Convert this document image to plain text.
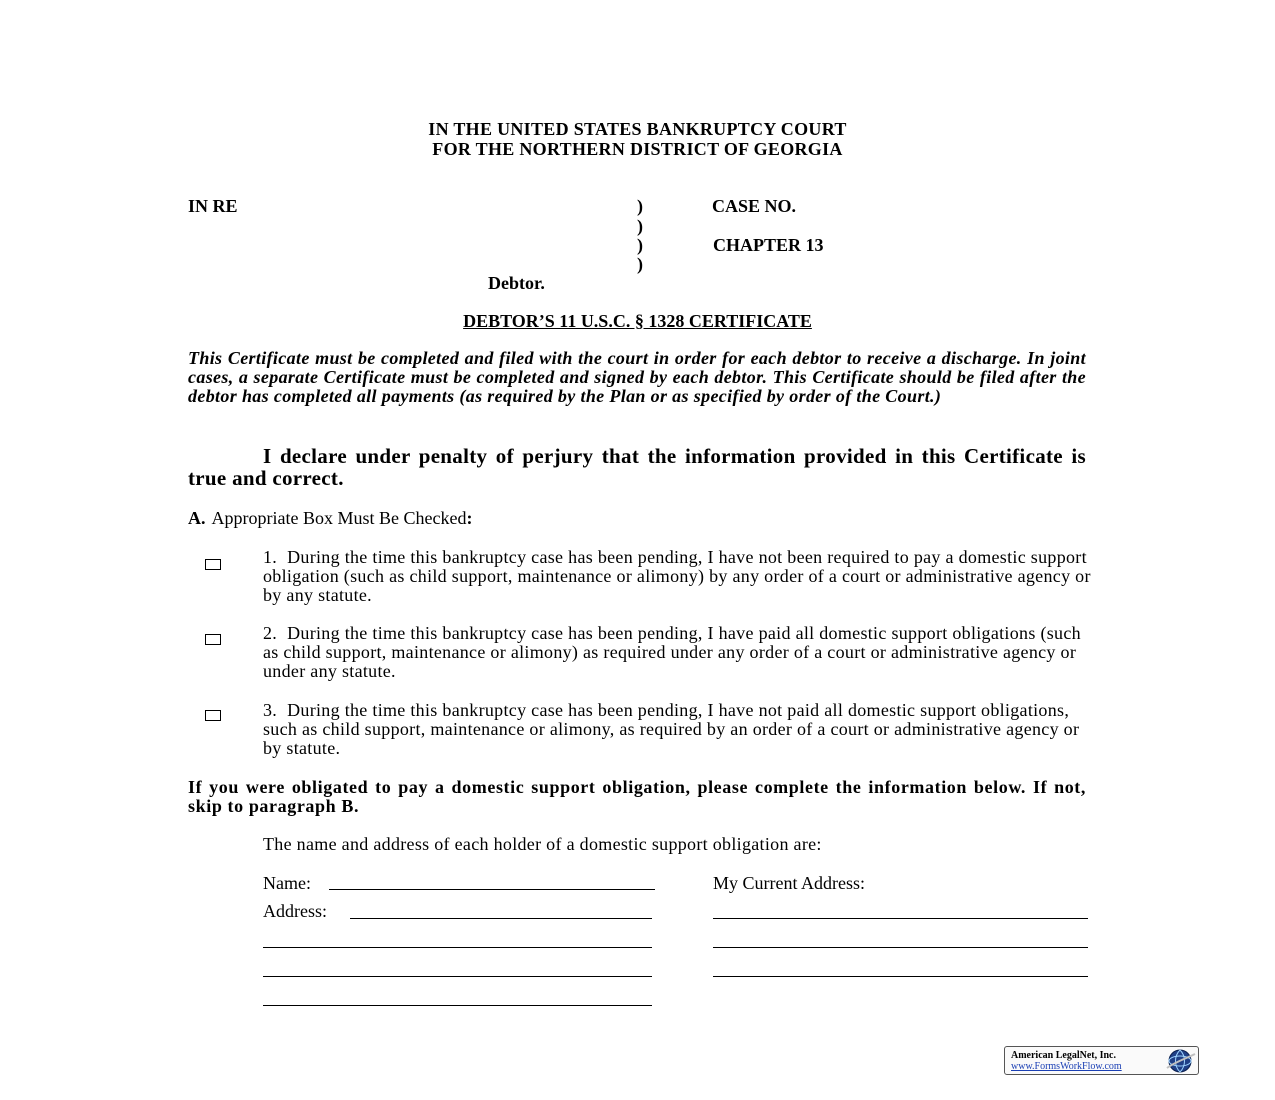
IN THE UNITED STATES BANKRUPTCY COURT
FOR THE NORTHERN DISTRICT OF GEORGIA
IN RE	)
)
)
)
CASE NO.
CHAPTER 13
Debtor.
DEBTOR’S 11 U.S.C. § 1328 CERTIFICATE
This Certificate must be completed and filed with the court in order for each debtor to receive a discharge. In joint cases, a separate Certificate must be completed and signed by each debtor. This Certificate should be filed after the debtor has completed all payments (as required by the Plan or as specified by order of the Court.)
I declare under penalty of perjury that the information provided in this Certificate is true and correct.
A. Appropriate Box Must Be Checked:
1. During the time this bankruptcy case has been pending, I have not been required to pay a domestic support obligation (such as child support, maintenance or alimony) by any order of a court or administrative agency or by any statute.
2. During the time this bankruptcy case has been pending, I have paid all domestic support obligations (such as child support, maintenance or alimony) as required under any order of a court or administrative agency or under any statute.
3. During the time this bankruptcy case has been pending, I have not paid all domestic support obligations, such as child support, maintenance or alimony, as required by an order of a court or administrative agency or by statute.
If you were obligated to pay a domestic support obligation, please complete the information below. If not, skip to paragraph B.
The name and address of each holder of a domestic support obligation are:
Name:	My Current Address:
Address:
American LegalNet, Inc.
www.FormsWorkFlow.com
